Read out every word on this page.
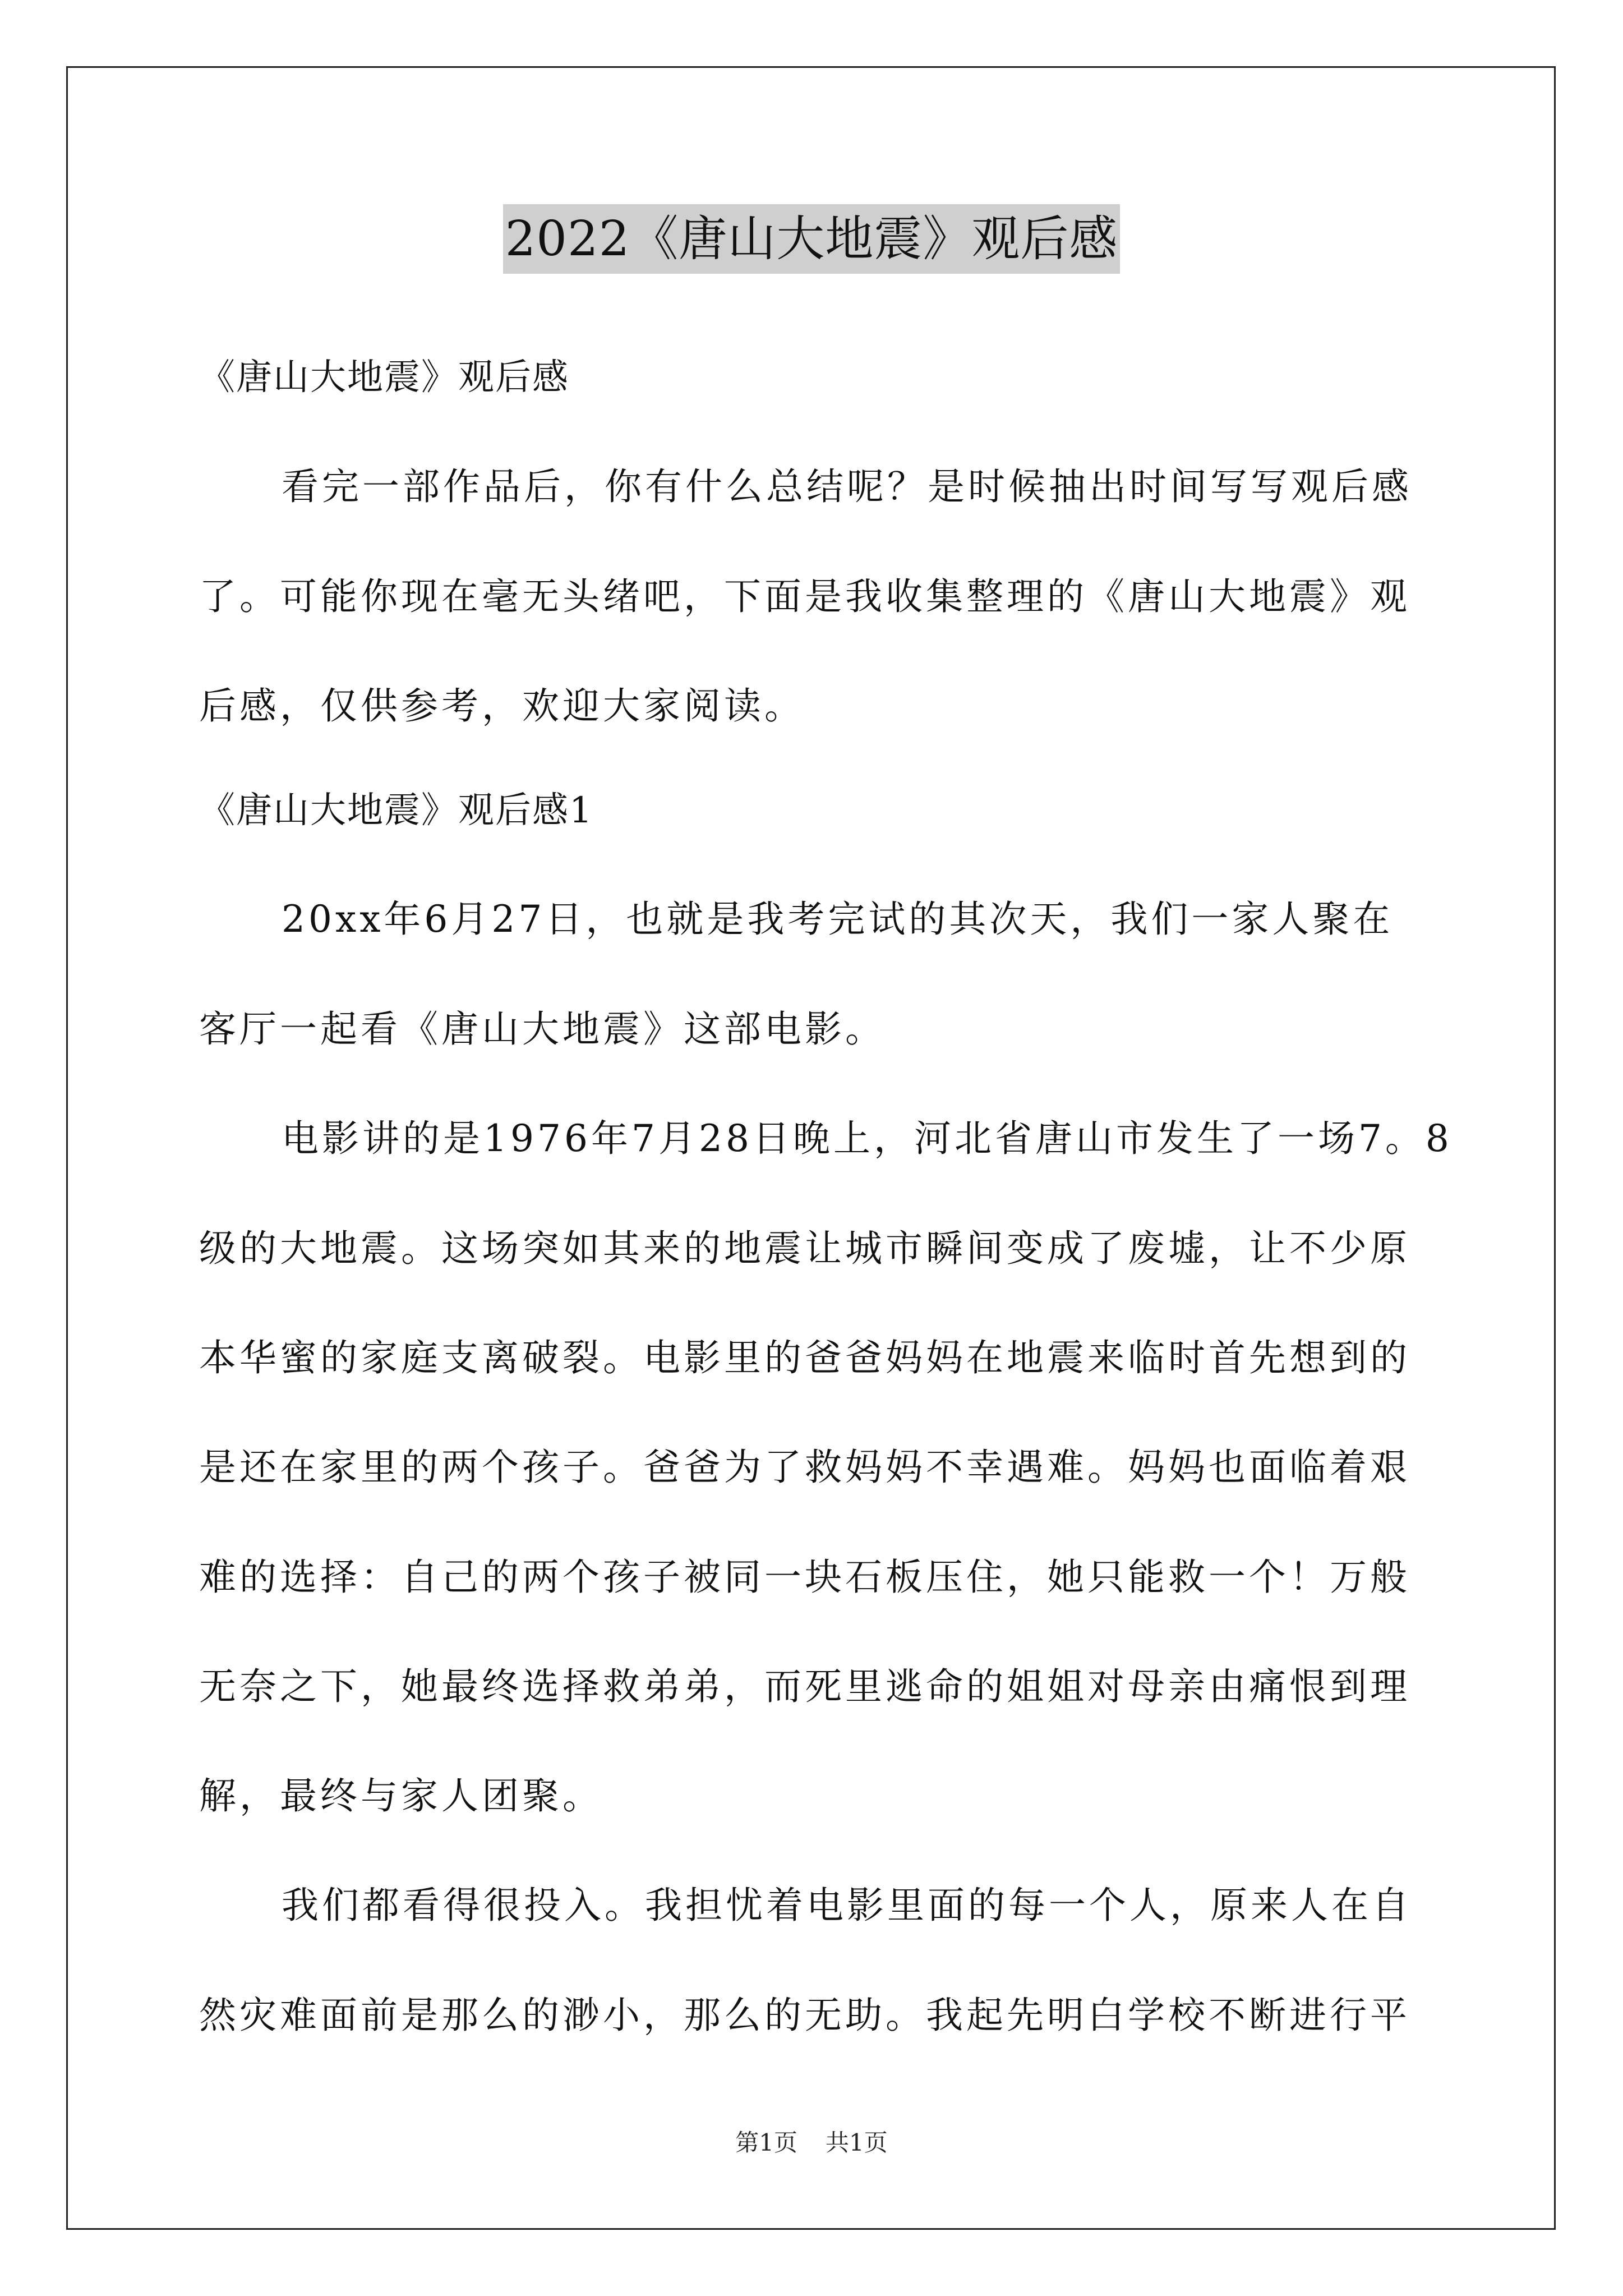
2022《唐山大地震》观后感
《唐山大地震》观后感
看完一部作品后，你有什么总结呢？是时候抽出时间写写观后感
了。可能你现在毫无头绪吧，下面是我收集整理的《唐山大地震》观
后感，仅供参考，欢迎大家阅读。
《唐山大地震》观后感1
20xx年6月27日，也就是我考完试的其次天，我们一家人聚在
客厅一起看《唐山大地震》这部电影。
电影讲的是1976年7月28日晚上，河北省唐山市发生了一场7。8
级的大地震。这场突如其来的地震让城市瞬间变成了废墟，让不少原
本华蜜的家庭支离破裂。电影里的爸爸妈妈在地震来临时首先想到的
是还在家里的两个孩子。爸爸为了救妈妈不幸遇难。妈妈也面临着艰
难的选择：自己的两个孩子被同一块石板压住，她只能救一个！万般
无奈之下，她最终选择救弟弟，而死里逃命的姐姐对母亲由痛恨到理
解，最终与家人团聚。
我们都看得很投入。我担忧着电影里面的每一个人，原来人在自
然灾难面前是那么的渺小，那么的无助。我起先明白学校不断进行平
第1页 共1页
